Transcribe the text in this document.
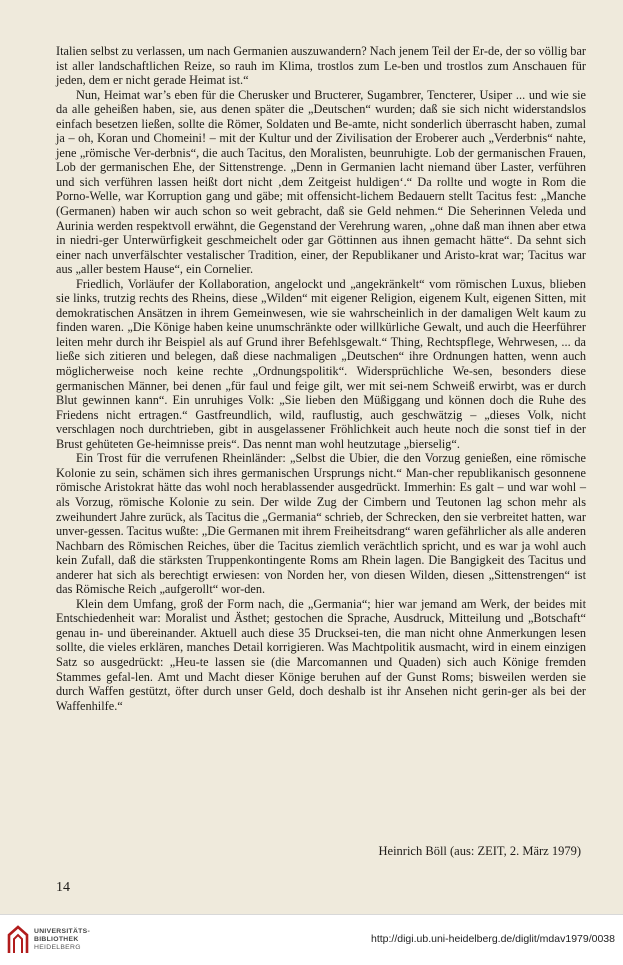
Italien selbst zu verlassen, um nach Germanien auszuwandern? Nach jenem Teil der Er-de, der so völlig bar ist aller landschaftlichen Reize, so rauh im Klima, trostlos zum Le-ben und trostlos zum Anschauen für jeden, dem er nicht gerade Heimat ist.“

Nun, Heimat war’s eben für die Cherusker und Bructerer, Sugambrer, Tencterer, Usiper ... und wie sie da alle geheißen haben, sie, aus denen später die „Deutschen“ wurden; daß sie sich nicht widerstandslos einfach besetzen ließen, sollte die Römer, Soldaten und Be-amte, nicht sonderlich überrascht haben, zumal ja – oh, Koran und Chomeini! – mit der Kultur und der Zivilisation der Eroberer auch „Verderbnis“ nahte, jene „römische Ver-derbnis“, die auch Tacitus, den Moralisten, beunruhigte. Lob der germanischen Frauen, Lob der germanischen Ehe, der Sittenstrenge. „Denn in Germanien lacht niemand über Laster, verführen und sich verführen lassen heißt dort nicht ‚dem Zeitgeist huldigen‘.“ Da rollte und wogte in Rom die Porno-Welle, war Korruption gang und gäbe; mit offensicht-lichem Bedauern stellt Tacitus fest: „Manche (Germanen) haben wir auch schon so weit gebracht, daß sie Geld nehmen.“ Die Seherinnen Veleda und Aurinia werden respektvoll erwähnt, die Gegenstand der Verehrung waren, „ohne daß man ihnen aber etwa in niedri-ger Unterwürfigkeit geschmeichelt oder gar Göttinnen aus ihnen gemacht hätte“. Da sehnt sich einer nach unverfälschter vestalischer Tradition, einer, der Republikaner und Aristo-krat war; Tacitus war aus „aller bestem Hause“, ein Cornelier.

Friedlich, Vorläufer der Kollaboration, angelockt und „angekränkelt“ vom römischen Luxus, blieben sie links, trutzig rechts des Rheins, diese „Wilden“ mit eigener Religion, eigenem Kult, eigenen Sitten, mit demokratischen Ansätzen in ihrem Gemeinwesen, wie sie wahrscheinlich in der damaligen Welt kaum zu finden waren. „Die Könige haben keine unumschränkte oder willkürliche Gewalt, und auch die Heerführer leiten mehr durch ihr Beispiel als auf Grund ihrer Befehlsgewalt.“ Thing, Rechtspflege, Wehrwesen, ... da ließe sich zitieren und belegen, daß diese nachmaligen „Deutschen“ ihre Ordnungen hatten, wenn auch möglicherweise noch keine rechte „Ordnungspolitik“. Widersprüchliche We-sen, besonders diese germanischen Männer, bei denen „für faul und feige gilt, wer mit sei-nem Schweiß erwirbt, was er durch Blut gewinnen kann“. Ein unruhiges Volk: „Sie lieben den Müßiggang und können doch die Ruhe des Friedens nicht ertragen.“ Gastfreundlich, wild, rauflustig, auch geschwätzig – „dieses Volk, nicht verschlagen noch durchtrieben, gibt in ausgelassener Fröhlichkeit auch heute noch die sonst tief in der Brust gehüteten Ge-heimnisse preis“. Das nennt man wohl heutzutage „bierselig“.

Ein Trost für die verrufenen Rheinländer: „Selbst die Ubier, die den Vorzug genießen, eine römische Kolonie zu sein, schämen sich ihres germanischen Ursprungs nicht.“ Man-cher republikanisch gesonnene römische Aristokrat hätte das wohl noch herablassender ausgedrückt. Immerhin: Es galt – und war wohl – als Vorzug, römische Kolonie zu sein. Der wilde Zug der Cimbern und Teutonen lag schon mehr als zweihundert Jahre zurück, als Tacitus die „Germania“ schrieb, der Schrecken, den sie verbreitet hatten, war unver-gessen. Tacitus wußte: „Die Germanen mit ihrem Freiheitsdrang“ waren gefährlicher als alle anderen Nachbarn des Römischen Reiches, über die Tacitus ziemlich verächtlich spricht, und es war ja wohl auch kein Zufall, daß die stärksten Truppenkontingente Roms am Rhein lagen. Die Bangigkeit des Tacitus und anderer hat sich als berechtigt erwiesen: von Norden her, von diesen Wilden, diesen „Sittenstrengen“ ist das Römische Reich „aufgerollt“ wor-den.

Klein dem Umfang, groß der Form nach, die „Germania“; hier war jemand am Werk, der beides mit Entschiedenheit war: Moralist und Ästhet; gestochen die Sprache, Ausdruck, Mitteilung und „Botschaft“ genau in- und übereinander. Aktuell auch diese 35 Drucksei-ten, die man nicht ohne Anmerkungen lesen sollte, die vieles erklären, manches Detail korrigieren. Was Machtpolitik ausmacht, wird in einem einzigen Satz so ausgedrückt: „Heu-te lassen sie (die Marcomannen und Quaden) sich auch Könige fremden Stammes gefal-len. Amt und Macht dieser Könige beruhen auf der Gunst Roms; bisweilen werden sie durch Waffen gestützt, öfter durch unser Geld, doch deshalb ist ihr Ansehen nicht gerin-ger als bei der Waffenhilfe.“

Heinrich Böll (aus: ZEIT, 2. März 1979)
14
UNIVERSITÄTS-
BIBLIOTHEK
HEIDELBERG
http://digi.ub.uni-heidelberg.de/diglit/mdav1979/0038
